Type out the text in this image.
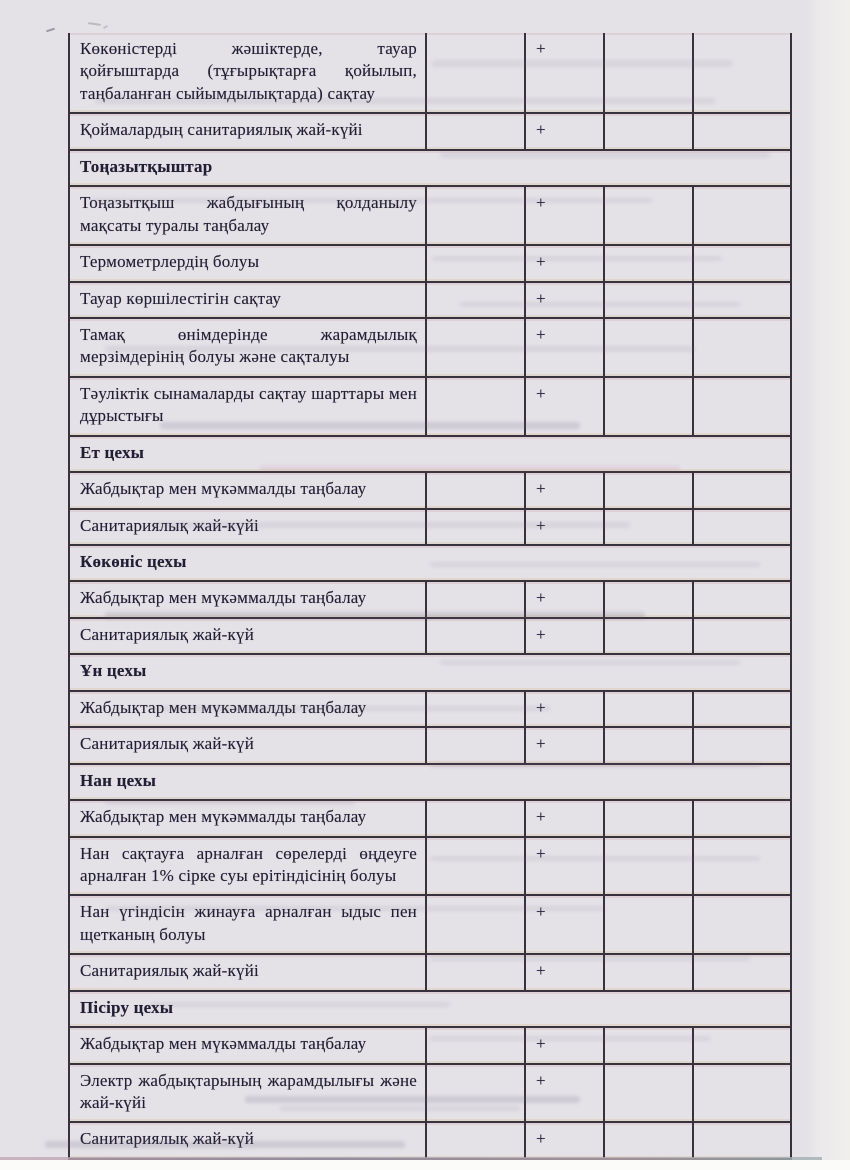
Көкөністерді жәшіктерде, тауар қойғыштарда (тұғырықтарға қойылып, таңбаланған сыйымдылықтарда) сақтау		+		
Қоймалардың санитариялық жай-күйі		+		
Тоңазытқыштар				
Тоңазытқыш жабдығының қолданылу мақсаты туралы таңбалау		+		
Термометрлердің болуы		+		
Тауар көршілестігін сақтау		+		
Тамақ өнімдерінде жарамдылық мерзімдерінің болуы және сақталуы		+		
Тәуліктік сынамаларды сақтау шарттары мен дұрыстығы		+		
Ет цехы				
Жабдықтар мен мүкәммалды таңбалау		+		
Санитариялық жай-күйі		+		
Көкөніс цехы				
Жабдықтар мен мүкәммалды таңбалау		+		
Санитариялық жай-күй		+		
Ұн цехы				
Жабдықтар мен мүкәммалды таңбалау		+		
Санитариялық жай-күй		+		
Нан цехы				
Жабдықтар мен мүкәммалды таңбалау		+		
Нан сақтауға арналған сөрелерді өңдеуге арналған 1% сірке суы ерітіндісінің болуы		+		
Нан үгіндісін жинауға арналған ыдыс пен щетканың болуы		+		
Санитариялық жай-күйі		+		
Пісіру цехы				
Жабдықтар мен мүкәммалды таңбалау		+		
Электр жабдықтарының жарамдылығы және жай-күйі		+		
Санитариялық жай-күй		+		
